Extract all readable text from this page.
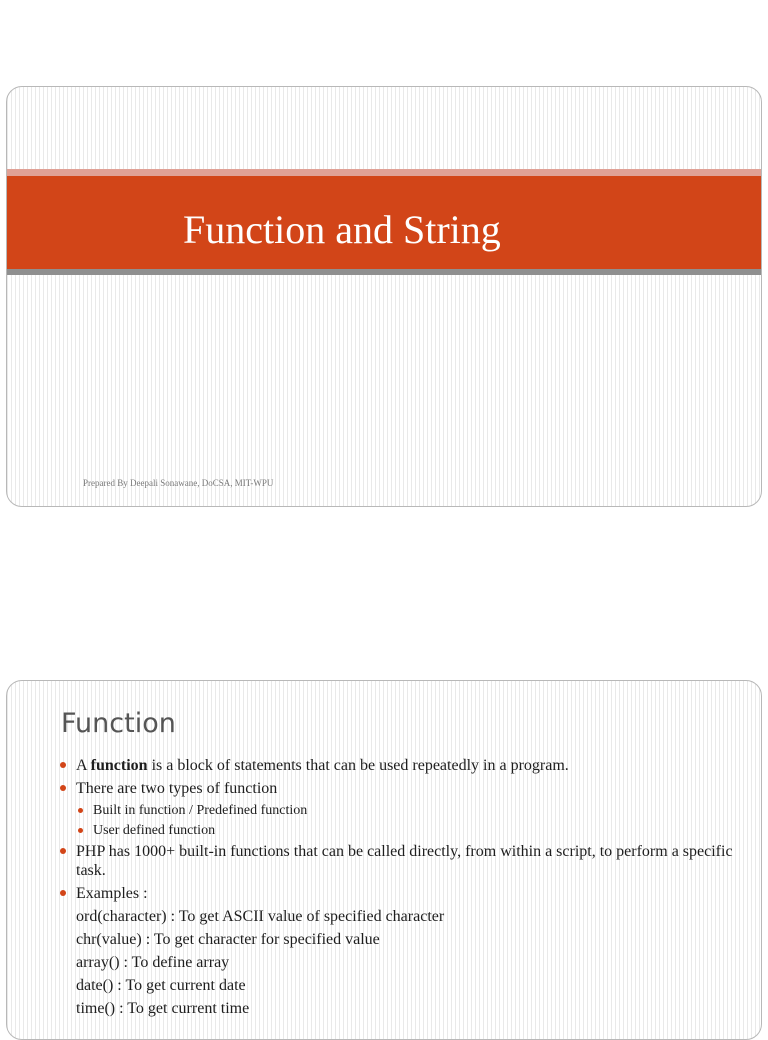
Function and String
Prepared By Deepali Sonawane, DoCSA, MIT-WPU
Function
A function is a block of statements that can be used repeatedly in a program.
There are two types of function
Built in function / Predefined function
User defined function
PHP has 1000+ built-in functions that can be called directly, from within a script, to perform a specific task.
Examples :
ord(character) : To get ASCII value of specified character
chr(value) : To get character for specified value
array() : To define array
date() : To get current date
time() : To get current time
